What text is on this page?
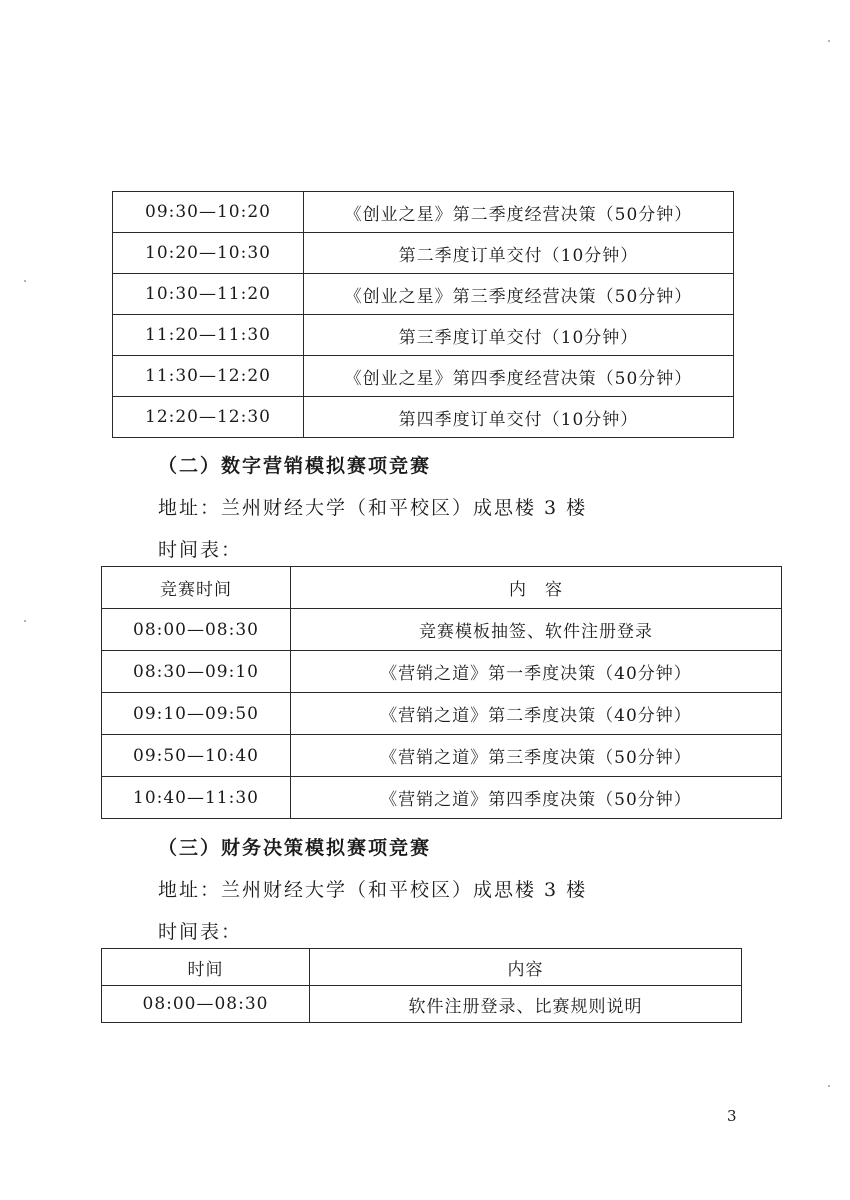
09:30—10:20	《创业之星》第二季度经营决策（50分钟）
10:20—10:30	第二季度订单交付（10分钟）
10:30—11:20	《创业之星》第三季度经营决策（50分钟）
11:20—11:30	第三季度订单交付（10分钟）
11:30—12:20	《创业之星》第四季度经营决策（50分钟）
12:20—12:30	第四季度订单交付（10分钟）
（二）数字营销模拟赛项竞赛
地址：兰州财经大学（和平校区）成思楼 3 楼
时间表：
竞赛时间	内　容
08:00—08:30	竞赛模板抽签、软件注册登录
08:30—09:10	《营销之道》第一季度决策（40分钟）
09:10—09:50	《营销之道》第二季度决策（40分钟）
09:50—10:40	《营销之道》第三季度决策（50分钟）
10:40—11:30	《营销之道》第四季度决策（50分钟）
（三）财务决策模拟赛项竞赛
地址：兰州财经大学（和平校区）成思楼 3 楼
时间表：
时间	内容
08:00—08:30	软件注册登录、比赛规则说明
3
